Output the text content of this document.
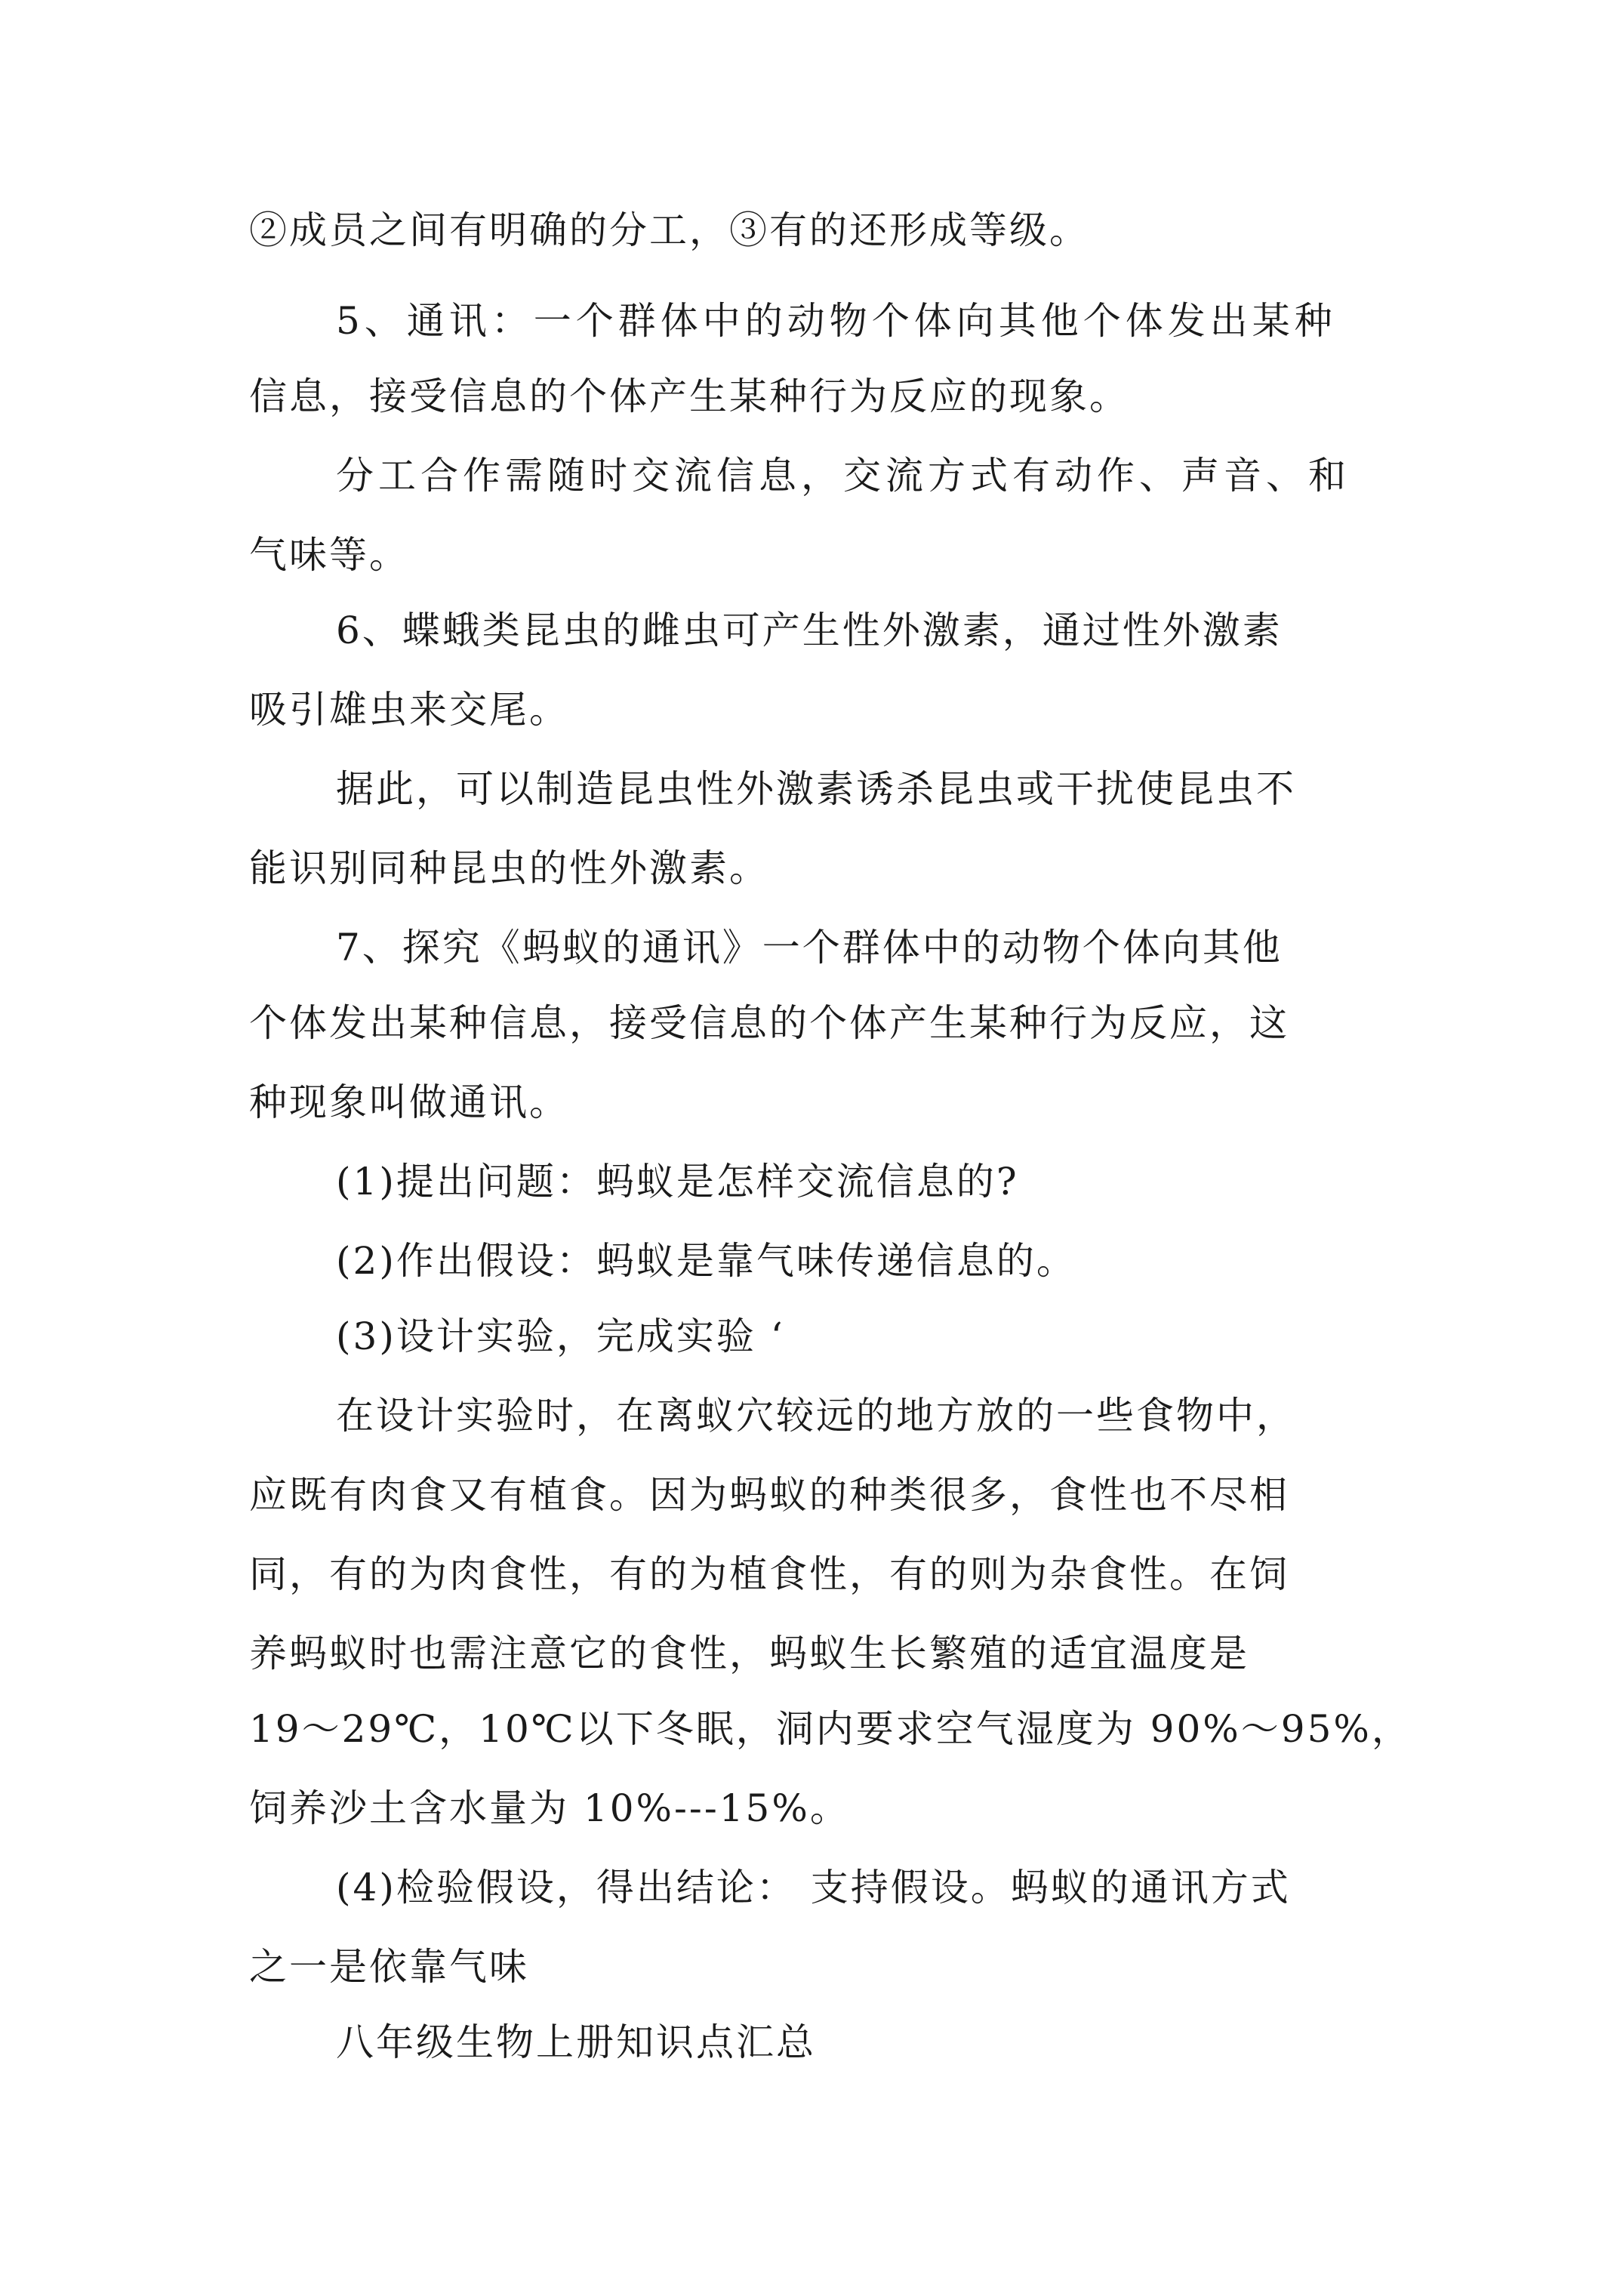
②成员之间有明确的分工，③有的还形成等级。
5、通讯：一个群体中的动物个体向其他个体发出某种
信息，接受信息的个体产生某种行为反应的现象。
分工合作需随时交流信息，交流方式有动作、声音、和
气味等。
6、蝶蛾类昆虫的雌虫可产生性外激素，通过性外激素
吸引雄虫来交尾。
据此，可以制造昆虫性外激素诱杀昆虫或干扰使昆虫不
能识别同种昆虫的性外激素。
7、探究《蚂蚁的通讯》一个群体中的动物个体向其他
个体发出某种信息，接受信息的个体产生某种行为反应，这
种现象叫做通讯。
(1)提出问题：蚂蚁是怎样交流信息的?
(2)作出假设：蚂蚁是靠气味传递信息的。
(3)设计实验，完成实验 ‘
在设计实验时，在离蚁穴较远的地方放的一些食物中，
应既有肉食又有植食。因为蚂蚁的种类很多，食性也不尽相
同，有的为肉食性，有的为植食性，有的则为杂食性。在饲
养蚂蚁时也需注意它的食性，蚂蚁生长繁殖的适宜温度是
19～29℃，10℃以下冬眠，洞内要求空气湿度为 90%～95%，
饲养沙土含水量为 10%---15%。
(4)检验假设，得出结论： 支持假设。蚂蚁的通讯方式
之一是依靠气味
八年级生物上册知识点汇总
